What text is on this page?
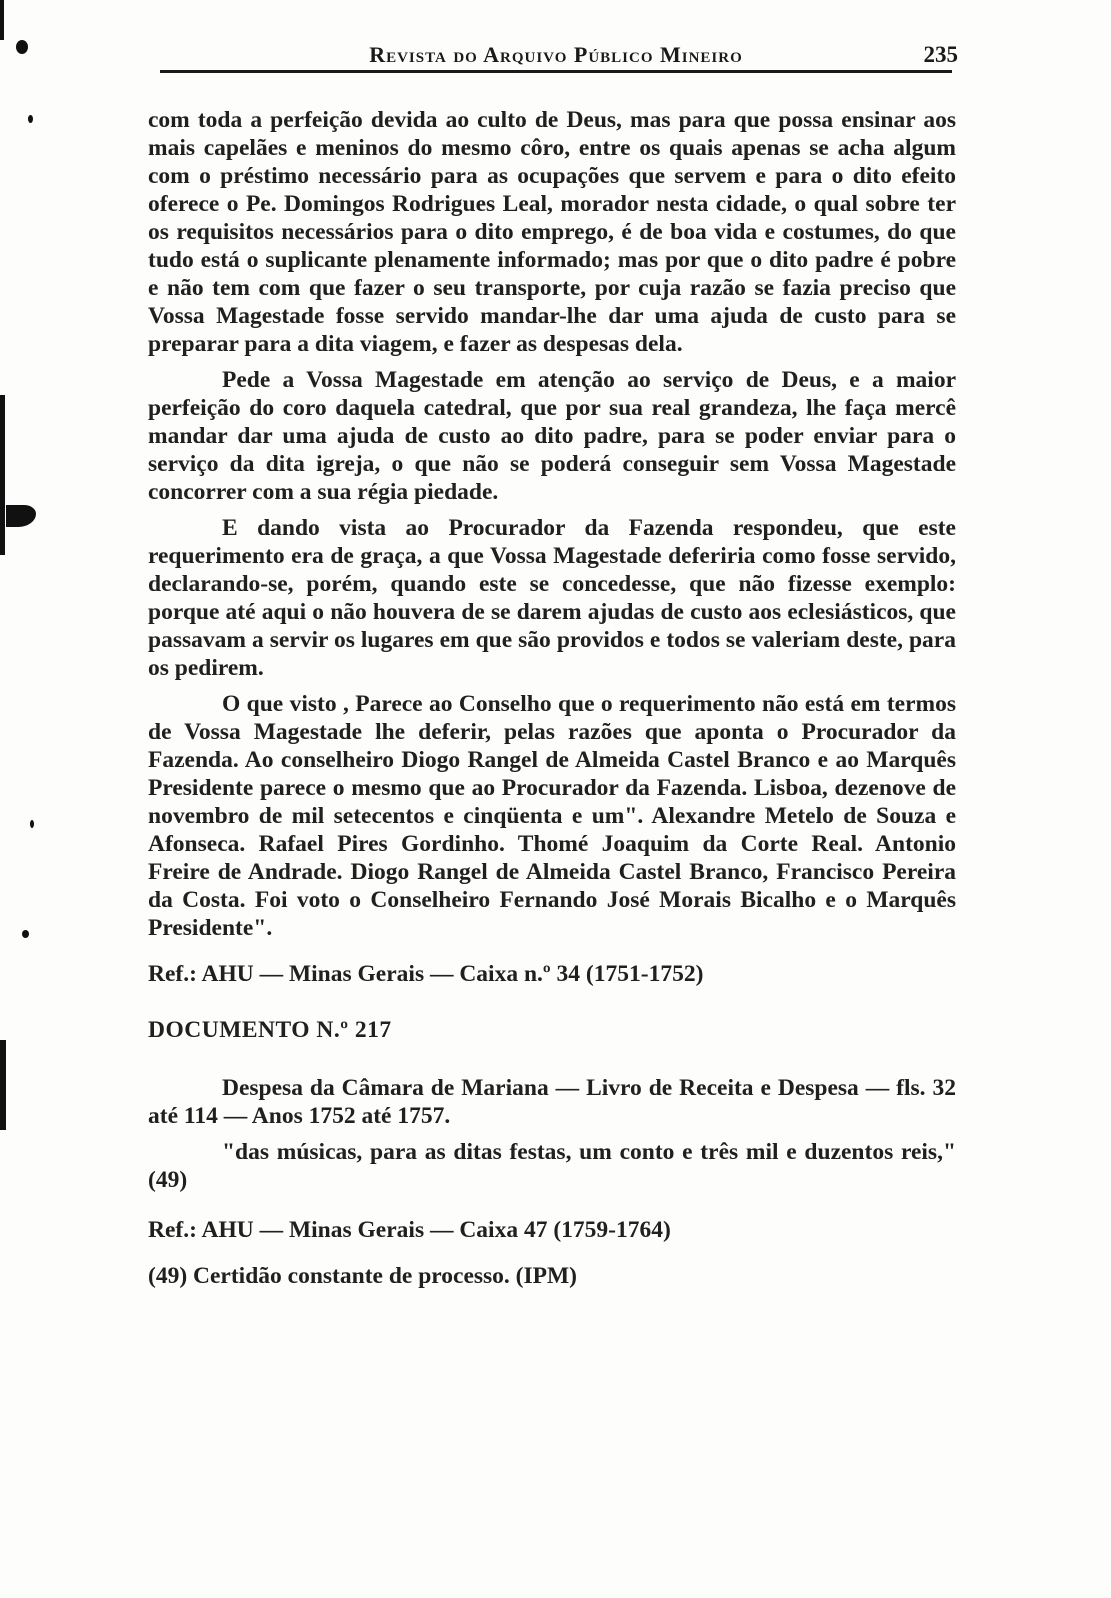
Revista do Arquivo Público Mineiro	235

com toda a perfeição devida ao culto de Deus, mas para que possa ensinar aos mais capelães e meninos do mesmo côro, entre os quais apenas se acha algum com o préstimo necessário para as ocupações que servem e para o dito efeito oferece o Pe. Domingos Rodrigues Leal, morador nesta cidade, o qual sobre ter os requisitos necessários para o dito emprego, é de boa vida e costumes, do que tudo está o suplicante plenamente informado; mas por que o dito padre é pobre e não tem com que fazer o seu transporte, por cuja razão se fazia preciso que Vossa Magestade fosse servido mandar-lhe dar uma ajuda de custo para se preparar para a dita viagem, e fazer as despesas dela.

Pede a Vossa Magestade em atenção ao serviço de Deus, e a maior perfeição do coro daquela catedral, que por sua real grandeza, lhe faça mercê mandar dar uma ajuda de custo ao dito padre, para se poder enviar para o serviço da dita igreja, o que não se poderá conseguir sem Vossa Magestade concorrer com a sua régia piedade.

E dando vista ao Procurador da Fazenda respondeu, que este requerimento era de graça, a que Vossa Magestade deferiria como fosse servido, declarando-se, porém, quando este se concedesse, que não fizesse exemplo: porque até aqui o não houvera de se darem ajudas de custo aos eclesiásticos, que passavam a servir os lugares em que são providos e todos se valeriam deste, para os pedirem.

O que visto , Parece ao Conselho que o requerimento não está em termos de Vossa Magestade lhe deferir, pelas razões que aponta o Procurador da Fazenda. Ao conselheiro Diogo Rangel de Almeida Castel Branco e ao Marquês Presidente parece o mesmo que ao Procurador da Fazenda. Lisboa, dezenove de novembro de mil setecentos e cinqüenta e um". Alexandre Metelo de Souza e Afonseca. Rafael Pires Gordinho. Thomé Joaquim da Corte Real. Antonio Freire de Andrade. Diogo Rangel de Almeida Castel Branco, Francisco Pereira da Costa. Foi voto o Conselheiro Fernando José Morais Bicalho e o Marquês Presidente".

Ref.: AHU — Minas Gerais — Caixa n.º 34 (1751-1752)

DOCUMENTO N.º 217

Despesa da Câmara de Mariana — Livro de Receita e Despesa — fls. 32 até 114 — Anos 1752 até 1757.

"das músicas, para as ditas festas, um conto e três mil e duzentos reis," (49)

Ref.: AHU — Minas Gerais — Caixa 47 (1759-1764)

(49) Certidão constante de processo. (IPM)
